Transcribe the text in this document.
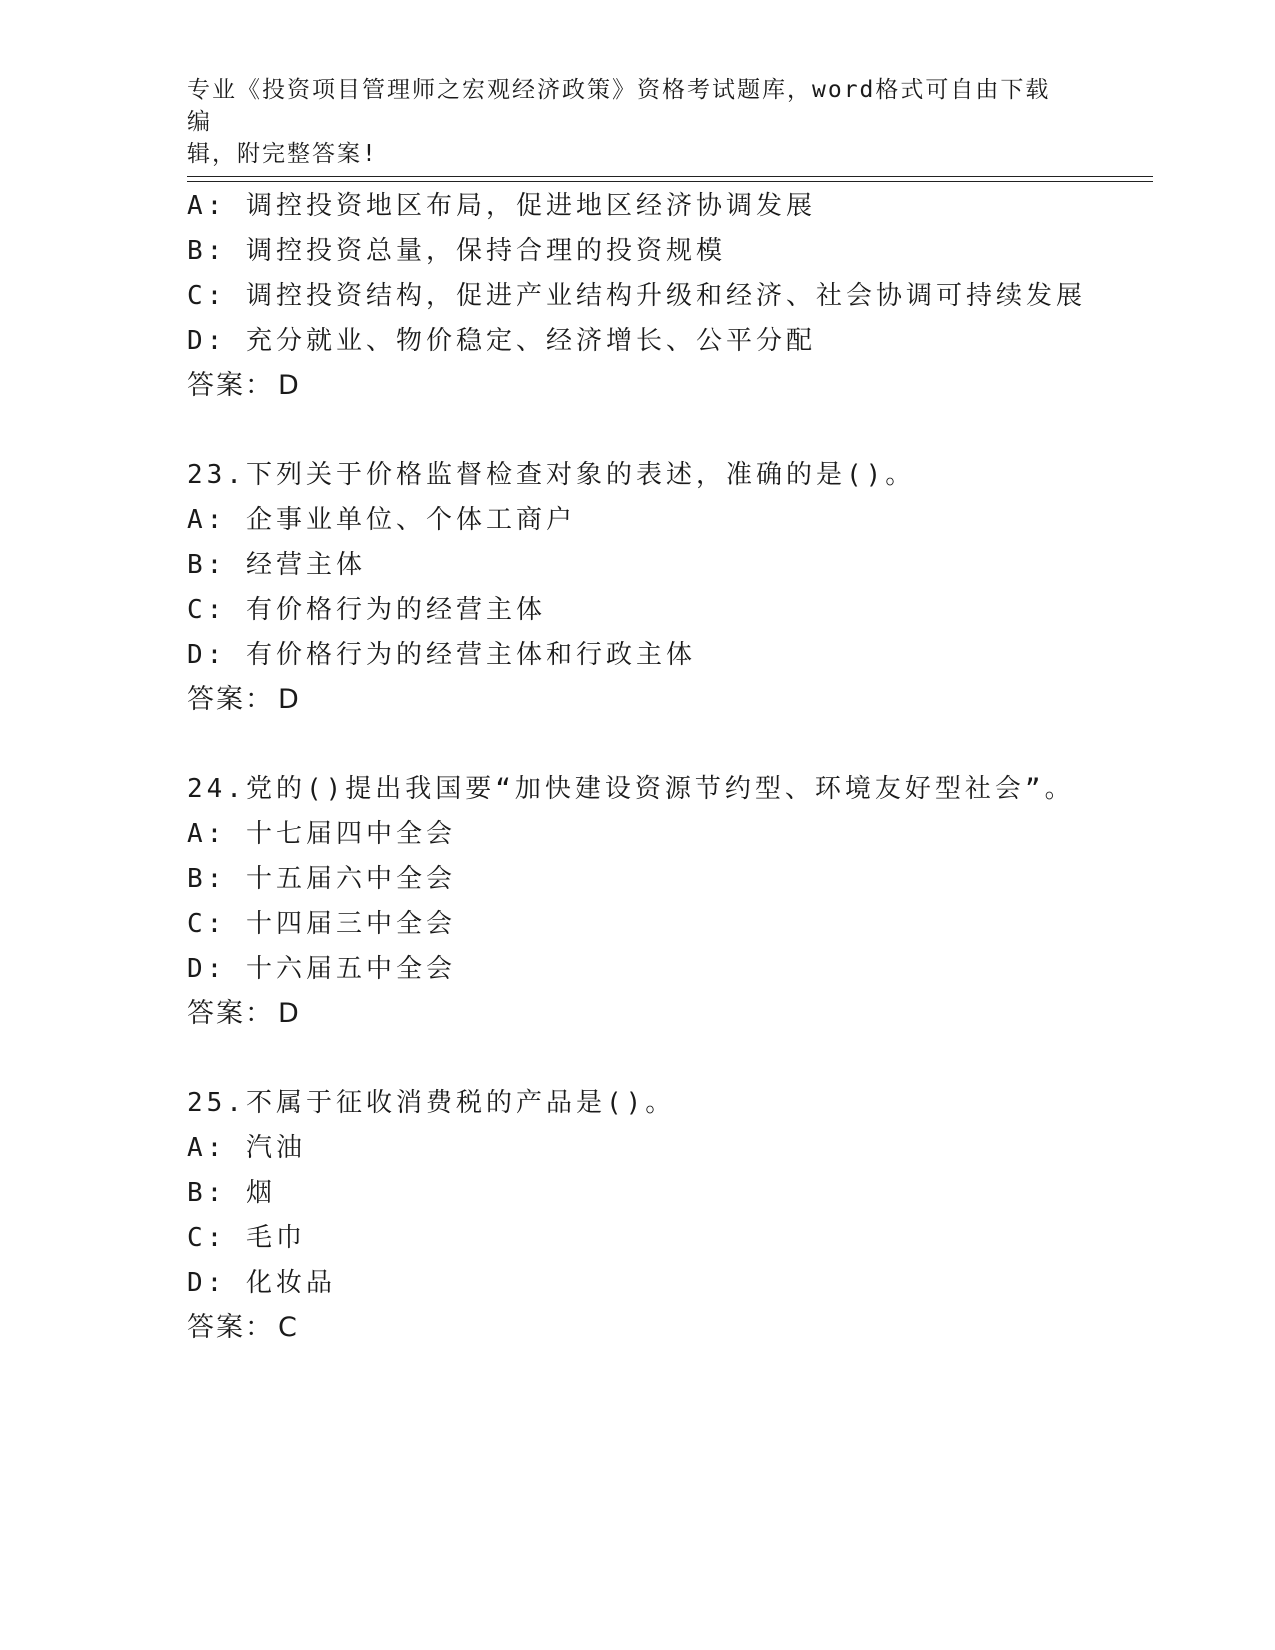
专业《投资项目管理师之宏观经济政策》资格考试题库，word格式可自由下载编
辑，附完整答案!
A: 调控投资地区布局，促进地区经济协调发展
B: 调控投资总量，保持合理的投资规模
C: 调控投资结构，促进产业结构升级和经济、社会协调可持续发展
D: 充分就业、物价稳定、经济增长、公平分配
答案： D
23.下列关于价格监督检查对象的表述，准确的是()。
A: 企事业单位、个体工商户
B: 经营主体
C: 有价格行为的经营主体
D: 有价格行为的经营主体和行政主体
答案： D
24.党的()提出我国要“加快建设资源节约型、环境友好型社会”。
A: 十七届四中全会
B: 十五届六中全会
C: 十四届三中全会
D: 十六届五中全会
答案： D
25.不属于征收消费税的产品是()。
A: 汽油
B: 烟
C: 毛巾
D: 化妆品
答案： C
